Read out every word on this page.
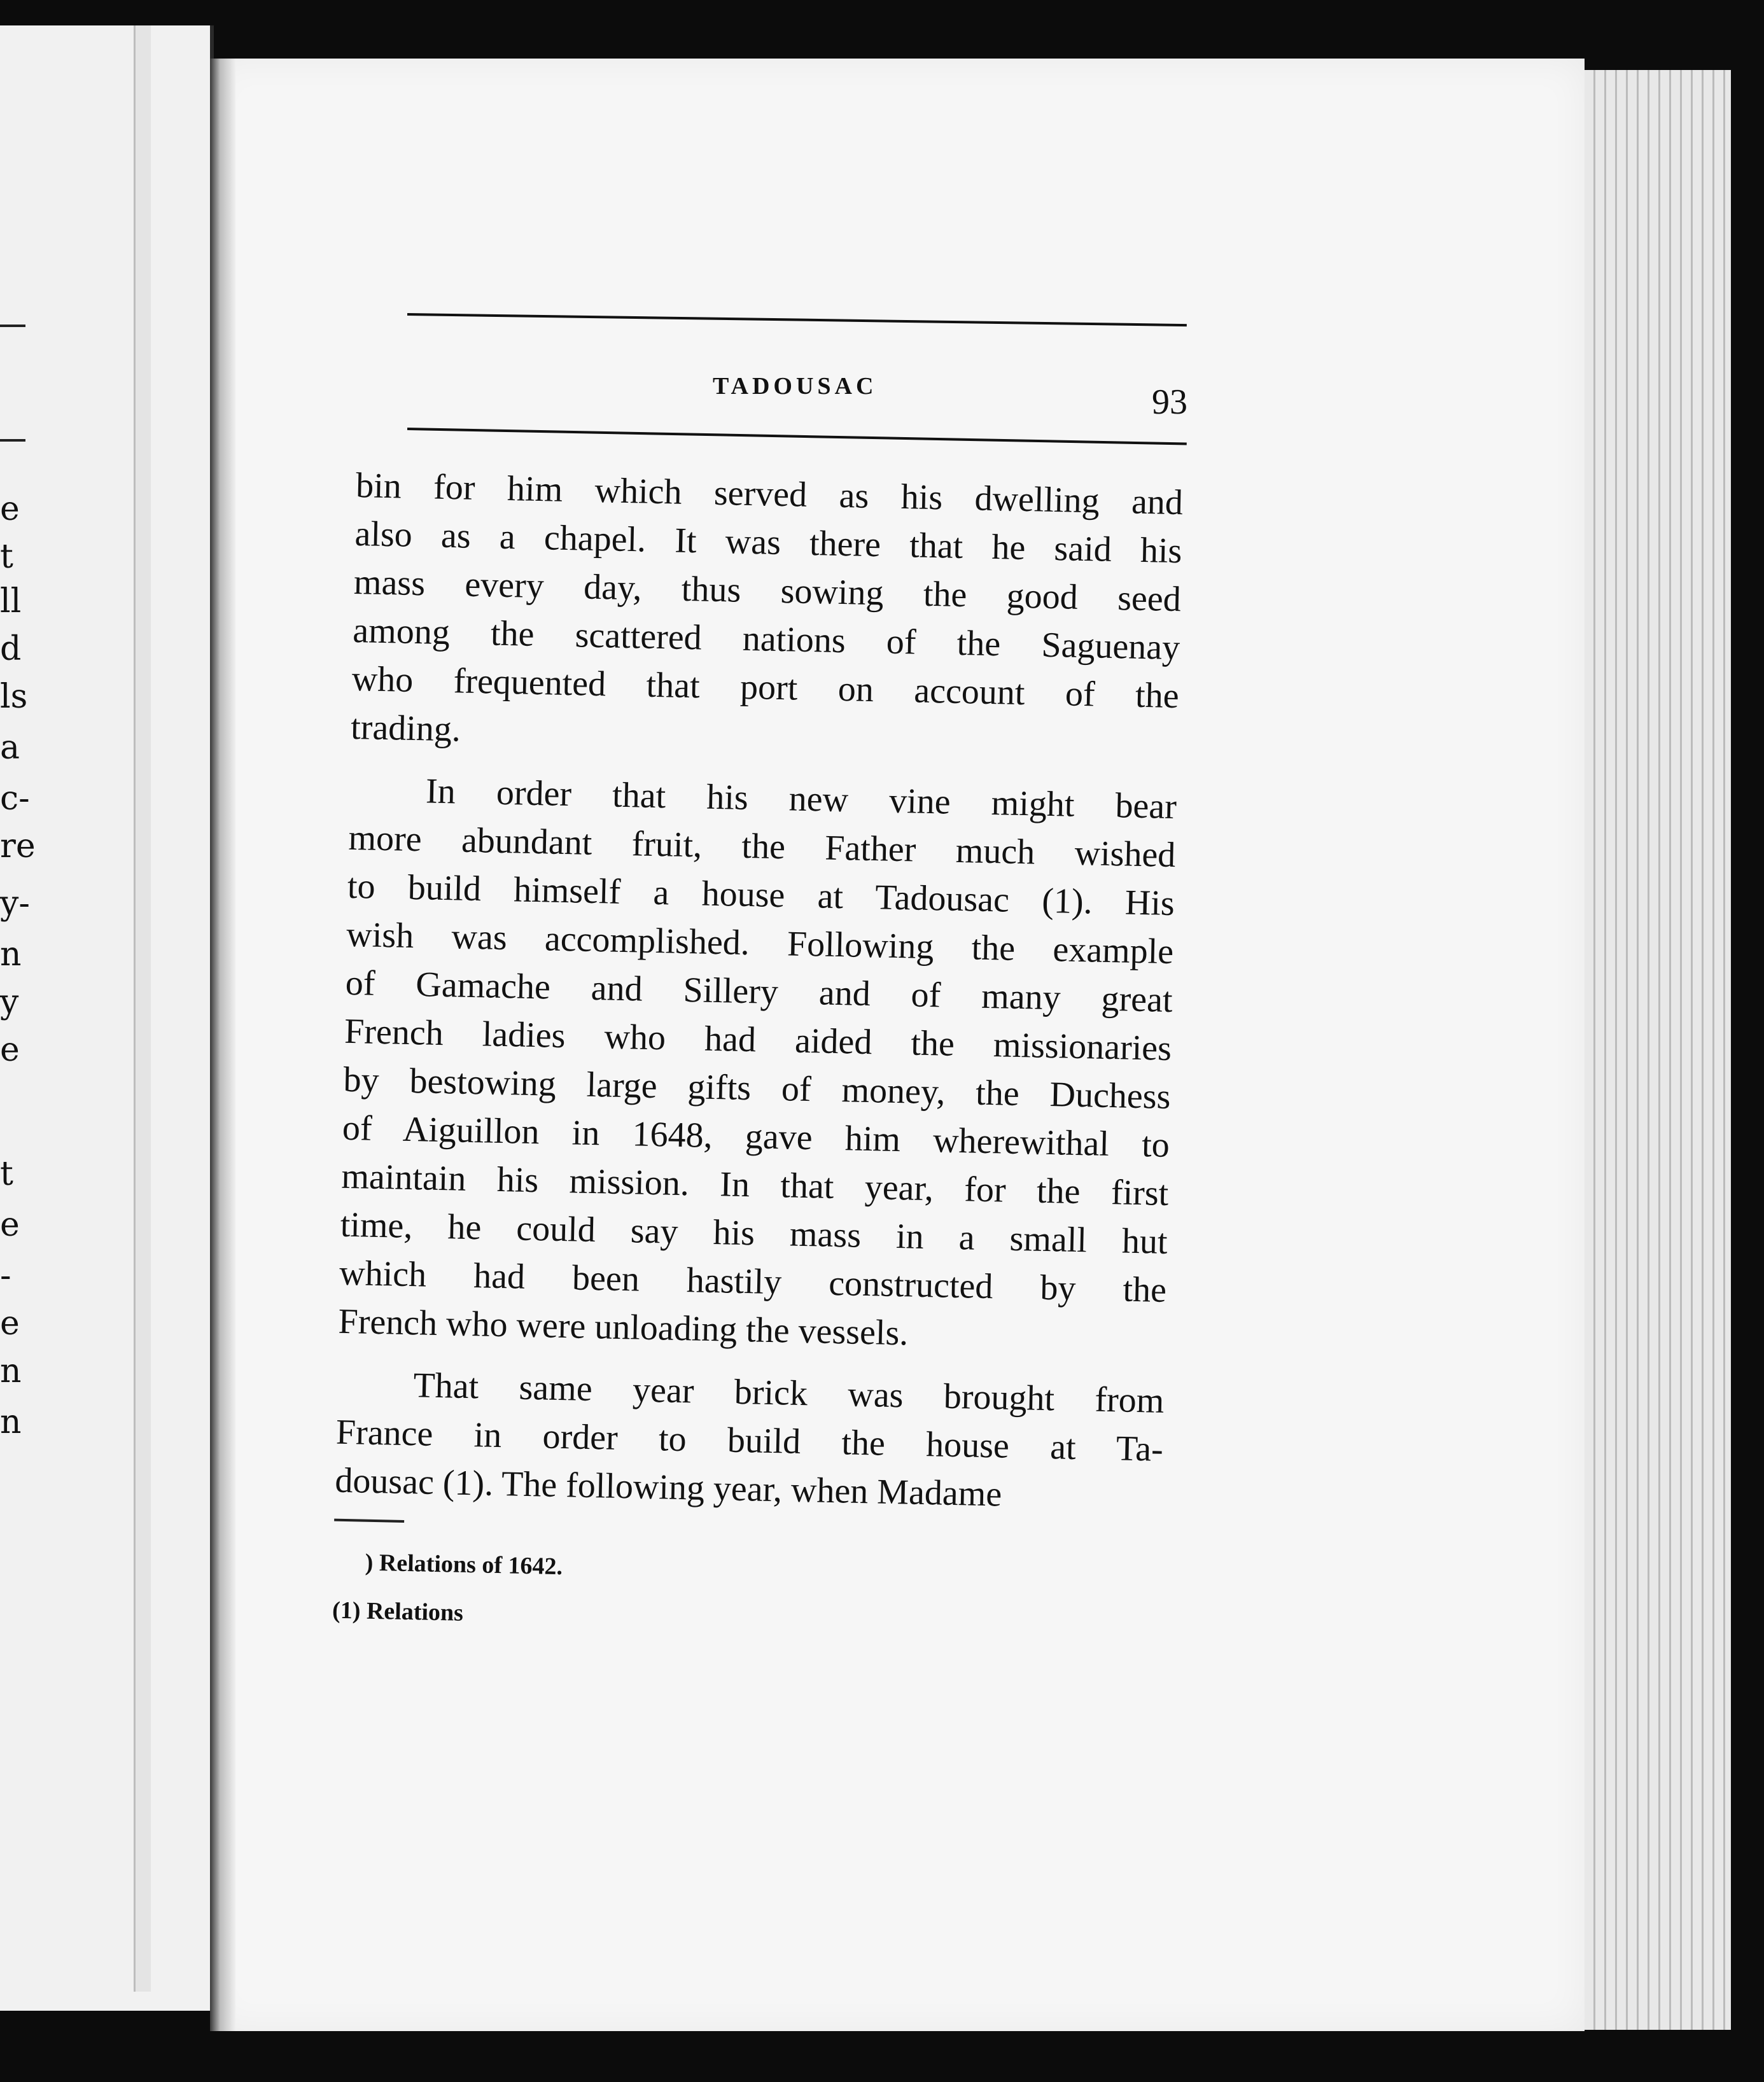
e
t
ll
d
ls
a
c-
re
y-
n
y
e
t
e
-
e
n
n
TADOUSAC	93
bin for him which served as his dwelling and
also as a chapel. It was there that he said his
mass every day, thus sowing the good seed
among the scattered nations of the Saguenay
who frequented that port on account of the
trading.
In order that his new vine might bear
more abundant fruit, the Father much wished
to build himself a house at Tadousac (1). His
wish was accomplished. Following the example
of Gamache and Sillery and of many great
French ladies who had aided the missionaries
by bestowing large gifts of money, the Duchess
of Aiguillon in 1648, gave him wherewithal to
maintain his mission. In that year, for the first
time, he could say his mass in a small hut
which had been hastily constructed by the
French who were unloading the vessels.
That same year brick was brought from
France in order to build the house at Ta-
dousac (1). The following year, when Madame
) Relations of 1642.
(1) Relations
